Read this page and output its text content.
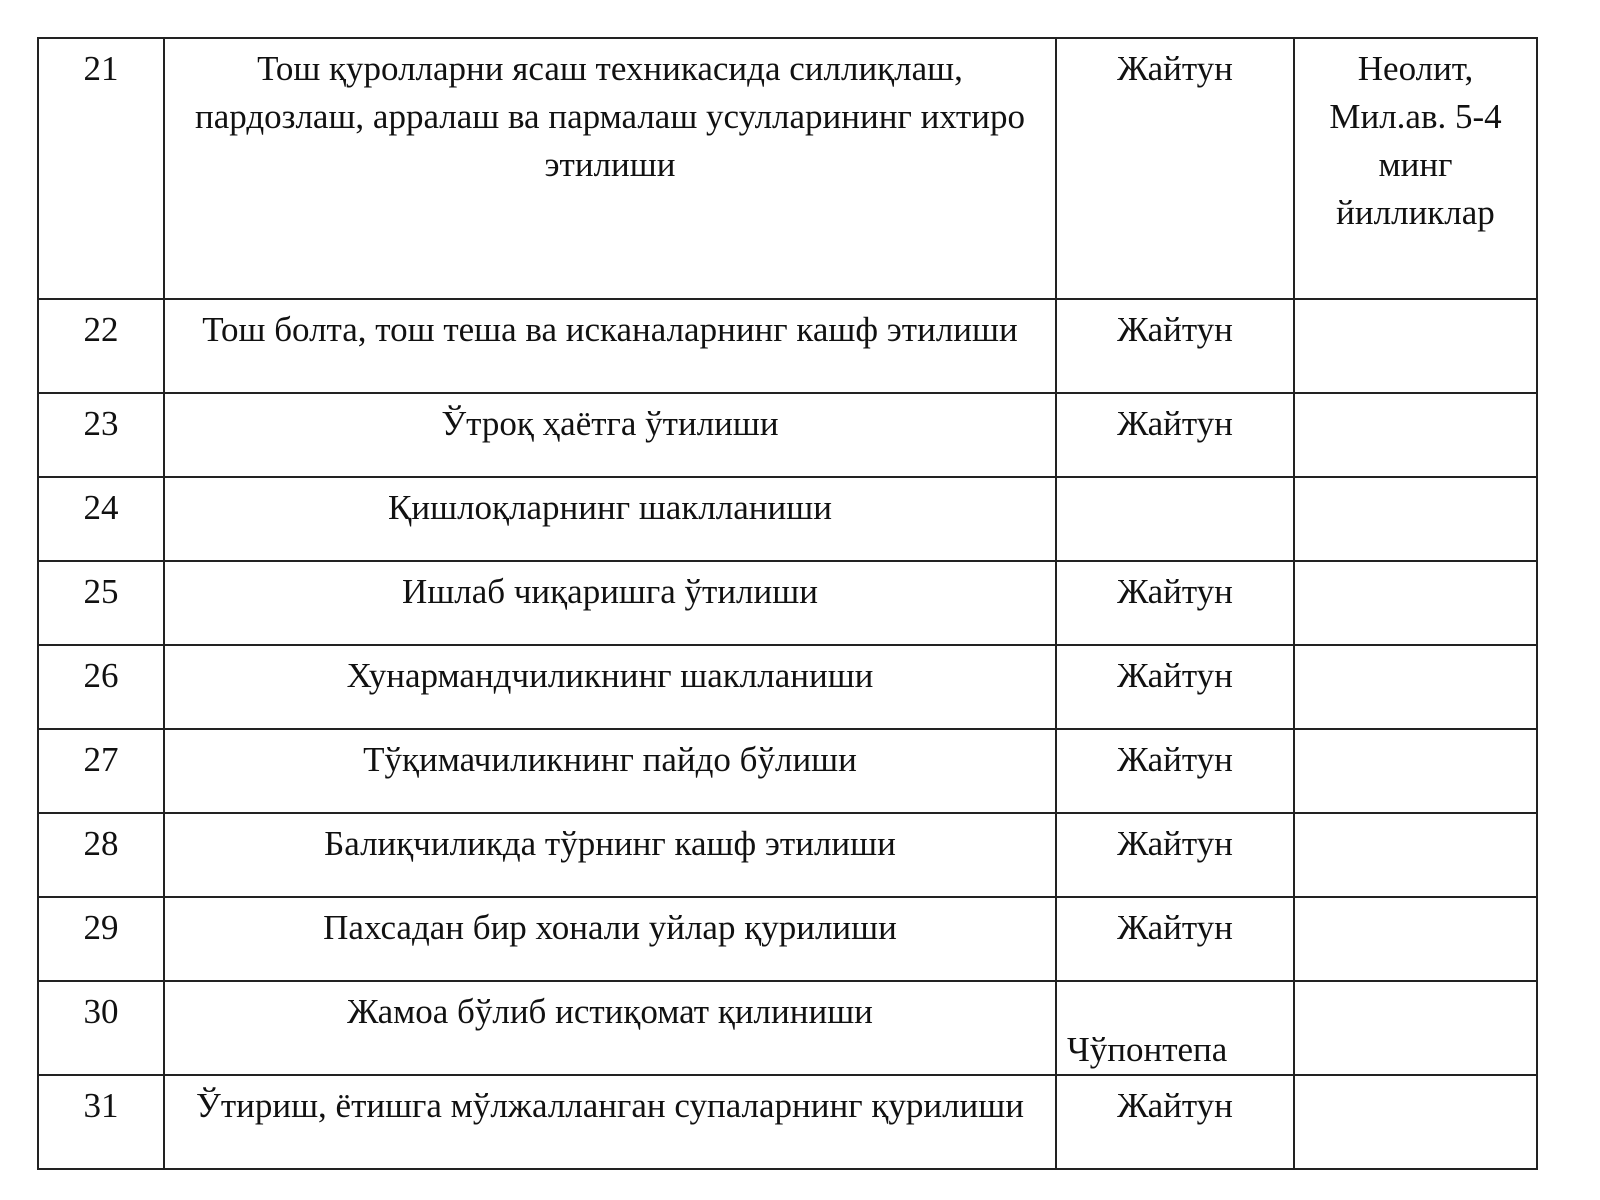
21	Тош қуролларни ясаш техникасида силлиқлаш, пардозлаш, арралаш ва пармалаш усулларининг ихтиро этилиши	Жайтун	Неолит, Мил.ав. 5-4 минг йилликлар
22	Тош болта, тош теша ва исканаларнинг кашф этилиши	Жайтун	
23	Ўтроқ ҳаётга ўтилиши	Жайтун	
24	Қишлоқларнинг шаклланиши		
25	Ишлаб чиқаришга ўтилиши	Жайтун	
26	Хунармандчиликнинг шаклланиши	Жайтун	
27	Тўқимачиликнинг пайдо бўлиши	Жайтун	
28	Балиқчиликда тўрнинг кашф этилиши	Жайтун	
29	Пахсадан бир хонали уйлар қурилиши	Жайтун	
30	Жамоа бўлиб истиқомат қилиниши	Чўпонтепа	
31	Ўтириш, ётишга мўлжалланган супаларнинг қурилиши	Жайтун	
